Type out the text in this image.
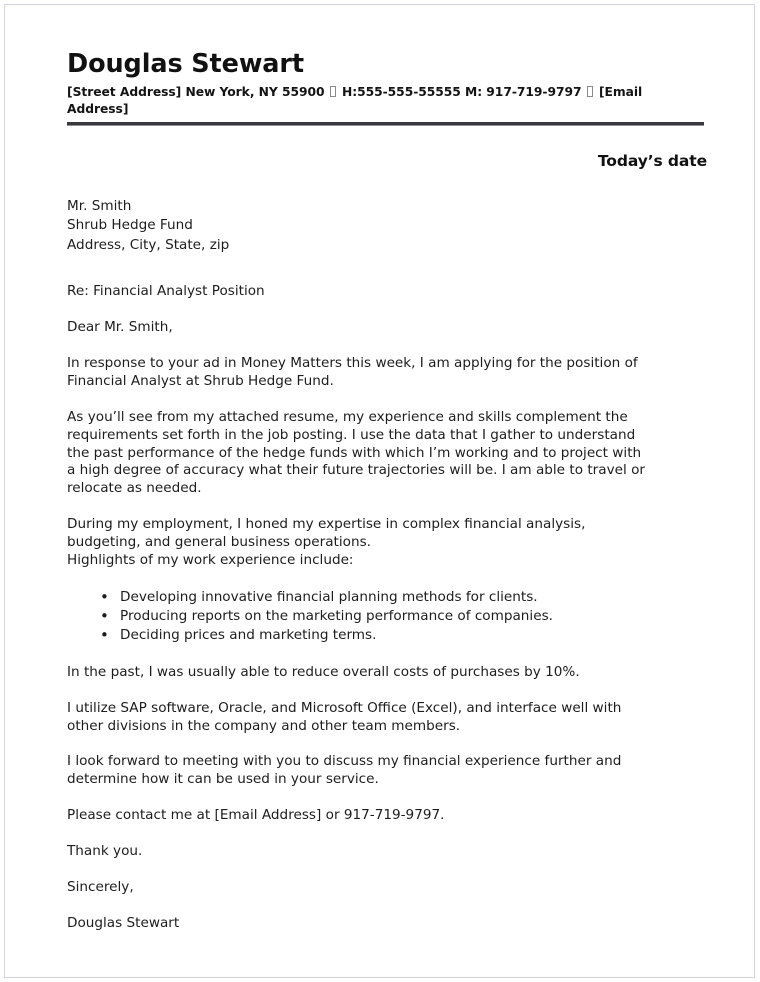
Douglas Stewart
[Street Address] New York, NY 55900 H:555-555-55555 M: 917-719-9797 [Email Address]
Today’s date
Mr. Smith
Shrub Hedge Fund
Address, City, State, zip

Re: Financial Analyst Position

Dear Mr. Smith,

In response to your ad in Money Matters this week, I am applying for the position of
Financial Analyst at Shrub Hedge Fund.

As you’ll see from my attached resume, my experience and skills complement the
requirements set forth in the job posting. I use the data that I gather to understand
the past performance of the hedge funds with which I’m working and to project with
a high degree of accuracy what their future trajectories will be. I am able to travel or
relocate as needed.

During my employment, I honed my expertise in complex financial analysis,
budgeting, and general business operations.
Highlights of my work experience include:

• Developing innovative financial planning methods for clients.
• Producing reports on the marketing performance of companies.
• Deciding prices and marketing terms.

In the past, I was usually able to reduce overall costs of purchases by 10%.

I utilize SAP software, Oracle, and Microsoft Office (Excel), and interface well with
other divisions in the company and other team members.

I look forward to meeting with you to discuss my financial experience further and
determine how it can be used in your service.

Please contact me at [Email Address] or 917-719-9797.

Thank you.

Sincerely,

Douglas Stewart
